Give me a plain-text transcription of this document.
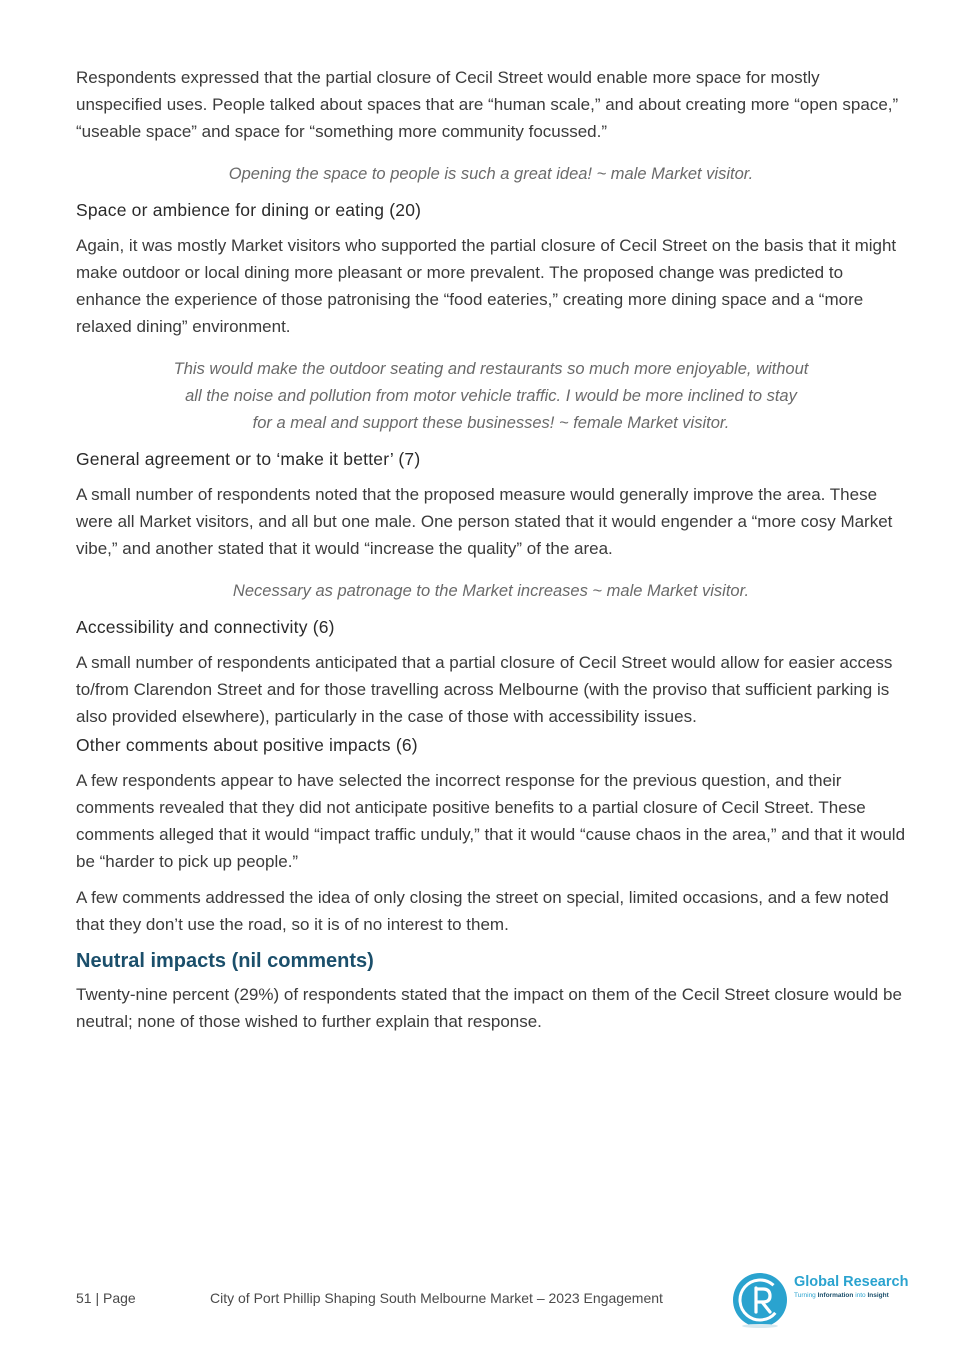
Respondents expressed that the partial closure of Cecil Street would enable more space for mostly unspecified uses. People talked about spaces that are “human scale,” and about creating more “open space,” “useable space” and space for “something more community focussed.”

Opening the space to people is such a great idea! ~ male Market visitor.

Space or ambience for dining or eating (20)

Again, it was mostly Market visitors who supported the partial closure of Cecil Street on the basis that it might make outdoor or local dining more pleasant or more prevalent. The proposed change was predicted to enhance the experience of those patronising the “food eateries,” creating more dining space and a “more relaxed dining” environment.

This would make the outdoor seating and restaurants so much more enjoyable, without

all the noise and pollution from motor vehicle traffic. I would be more inclined to stay

for a meal and support these businesses! ~ female Market visitor.

General agreement or to ‘make it better’ (7)

A small number of respondents noted that the proposed measure would generally improve the area. These were all Market visitors, and all but one male. One person stated that it would engender a “more cosy Market vibe,” and another stated that it would “increase the quality” of the area.

Necessary as patronage to the Market increases ~ male Market visitor.

Accessibility and connectivity (6)

A small number of respondents anticipated that a partial closure of Cecil Street would allow for easier access to/from Clarendon Street and for those travelling across Melbourne (with the proviso that sufficient parking is also provided elsewhere), particularly in the case of those with accessibility issues.

Other comments about positive impacts (6)

A few respondents appear to have selected the incorrect response for the previous question, and their comments revealed that they did not anticipate positive benefits to a partial closure of Cecil Street. These comments alleged that it would “impact traffic unduly,” that it would “cause chaos in the area,” and that it would be “harder to pick up people.”

A few comments addressed the idea of only closing the street on special, limited occasions, and a few noted that they don’t use the road, so it is of no interest to them.

Neutral impacts (nil comments)

Twenty-nine percent (29%) of respondents stated that the impact on them of the Cecil Street closure would be neutral; none of those wished to further explain that response.

51 | Page	City of Port Phillip Shaping South Melbourne Market – 2023 Engagement
Global Research
Turning Information into Insight
